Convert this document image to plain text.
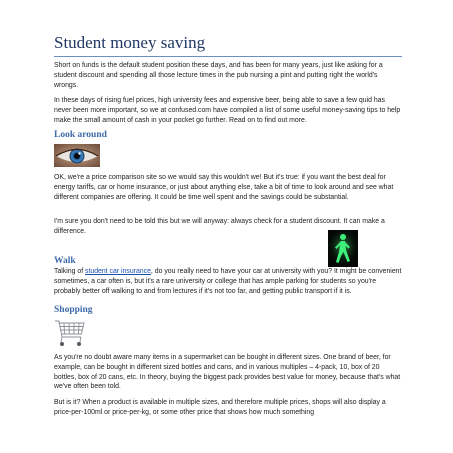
Student money saving

Short on funds is the default student position these days, and has been for many years, just like asking for a student discount and spending all those lecture times in the pub nursing a pint and putting right the world's wrongs.

In these days of rising fuel prices, high university fees and expensive beer, being able to save a few quid has never been more important, so we at confused.com have compiled a list of some useful money-saving tips to help make the small amount of cash in your pocket go further. Read on to find out more.

Look around

OK, we're a price comparison site so we would say this wouldn't we! But it's true: if you want the best deal for energy tariffs, car or home insurance, or just about anything else, take a bit of time to look around and see what different companies are offering. It could be time well spent and the savings could be substantial.

I'm sure you don't need to be told this but we will anyway: always check for a student discount. It can make a difference.

Walk

Talking of student car insurance, do you really need to have your car at university with you? It might be convenient sometimes, a car often is, but it's a rare university or college that has ample parking for students so you're probably better off walking to and from lectures if it's not too far, and getting public transport if it is.

Shopping

As you're no doubt aware many items in a supermarket can be bought in different sizes. One brand of beer, for example, can be bought in different sized bottles and cans, and in various multiples – 4-pack, 10, box of 20 bottles, box of 20 cans, etc. In theory, buying the biggest pack provides best value for money, because that's what we've often been told.

But is it? When a product is available in multiple sizes, and therefore multiple prices, shops will also display a price-per-100ml or price-per-kg, or some other price that shows how much something
